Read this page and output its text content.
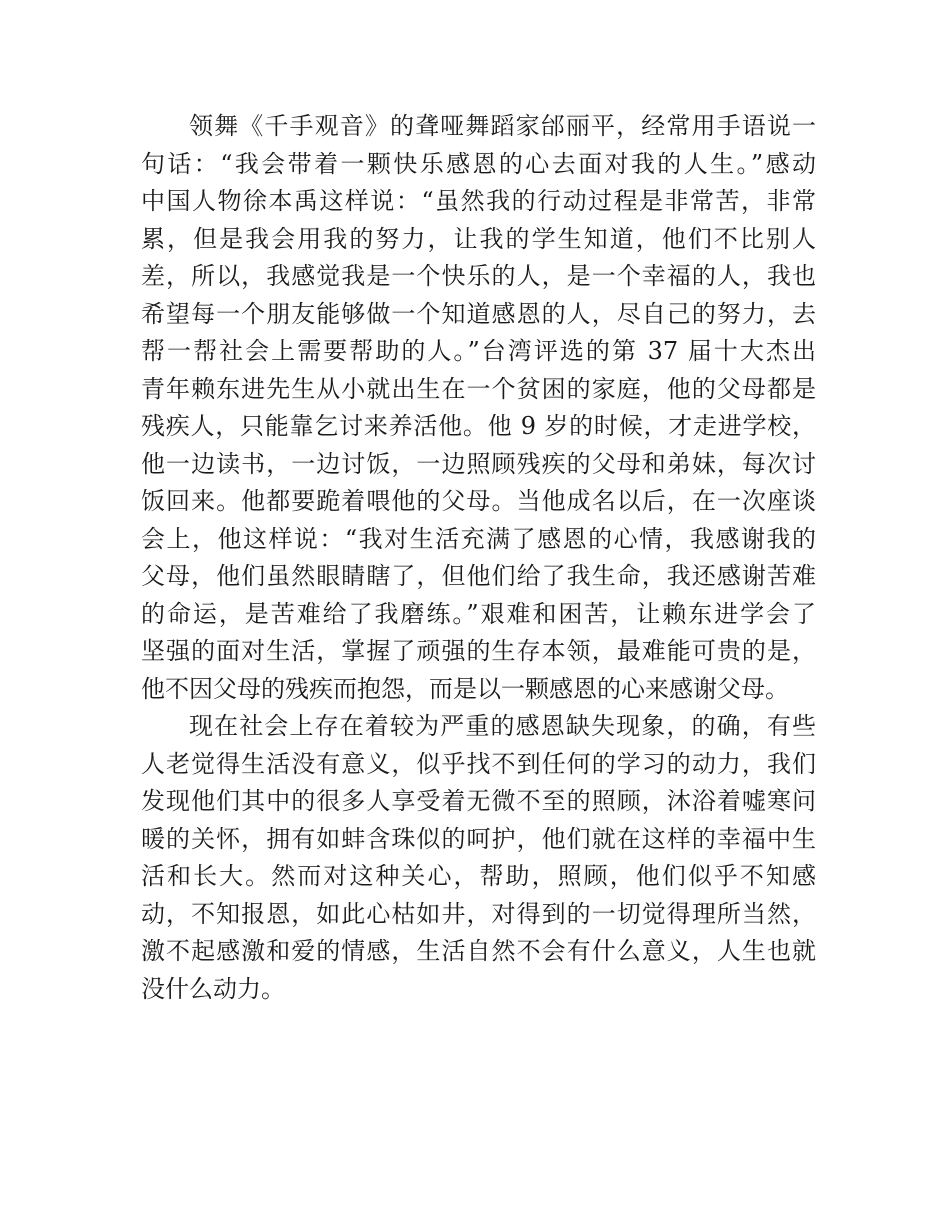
领舞《千手观音》的聋哑舞蹈家邰丽平，经常用手语说一
句话：“我会带着一颗快乐感恩的心去面对我的人生。”感动
中国人物徐本禹这样说：“虽然我的行动过程是非常苦，非常
累，但是我会用我的努力，让我的学生知道，他们不比别人
差，所以，我感觉我是一个快乐的人，是一个幸福的人，我也
希望每一个朋友能够做一个知道感恩的人，尽自己的努力，去
帮一帮社会上需要帮助的人。”台湾评选的第 37 届十大杰出
青年赖东进先生从小就出生在一个贫困的家庭，他的父母都是
残疾人，只能靠乞讨来养活他。他 9 岁的时候，才走进学校，
他一边读书，一边讨饭，一边照顾残疾的父母和弟妹，每次讨
饭回来。他都要跪着喂他的父母。当他成名以后，在一次座谈
会上，他这样说：“我对生活充满了感恩的心情，我感谢我的
父母，他们虽然眼睛瞎了，但他们给了我生命，我还感谢苦难
的命运，是苦难给了我磨练。”艰难和困苦，让赖东进学会了
坚强的面对生活，掌握了顽强的生存本领，最难能可贵的是，
他不因父母的残疾而抱怨，而是以一颗感恩的心来感谢父母。
现在社会上存在着较为严重的感恩缺失现象，的确，有些
人老觉得生活没有意义，似乎找不到任何的学习的动力，我们
发现他们其中的很多人享受着无微不至的照顾，沐浴着嘘寒问
暖的关怀，拥有如蚌含珠似的呵护，他们就在这样的幸福中生
活和长大。然而对这种关心，帮助，照顾，他们似乎不知感
动，不知报恩，如此心枯如井，对得到的一切觉得理所当然，
激不起感激和爱的情感，生活自然不会有什么意义，人生也就
没什么动力。
